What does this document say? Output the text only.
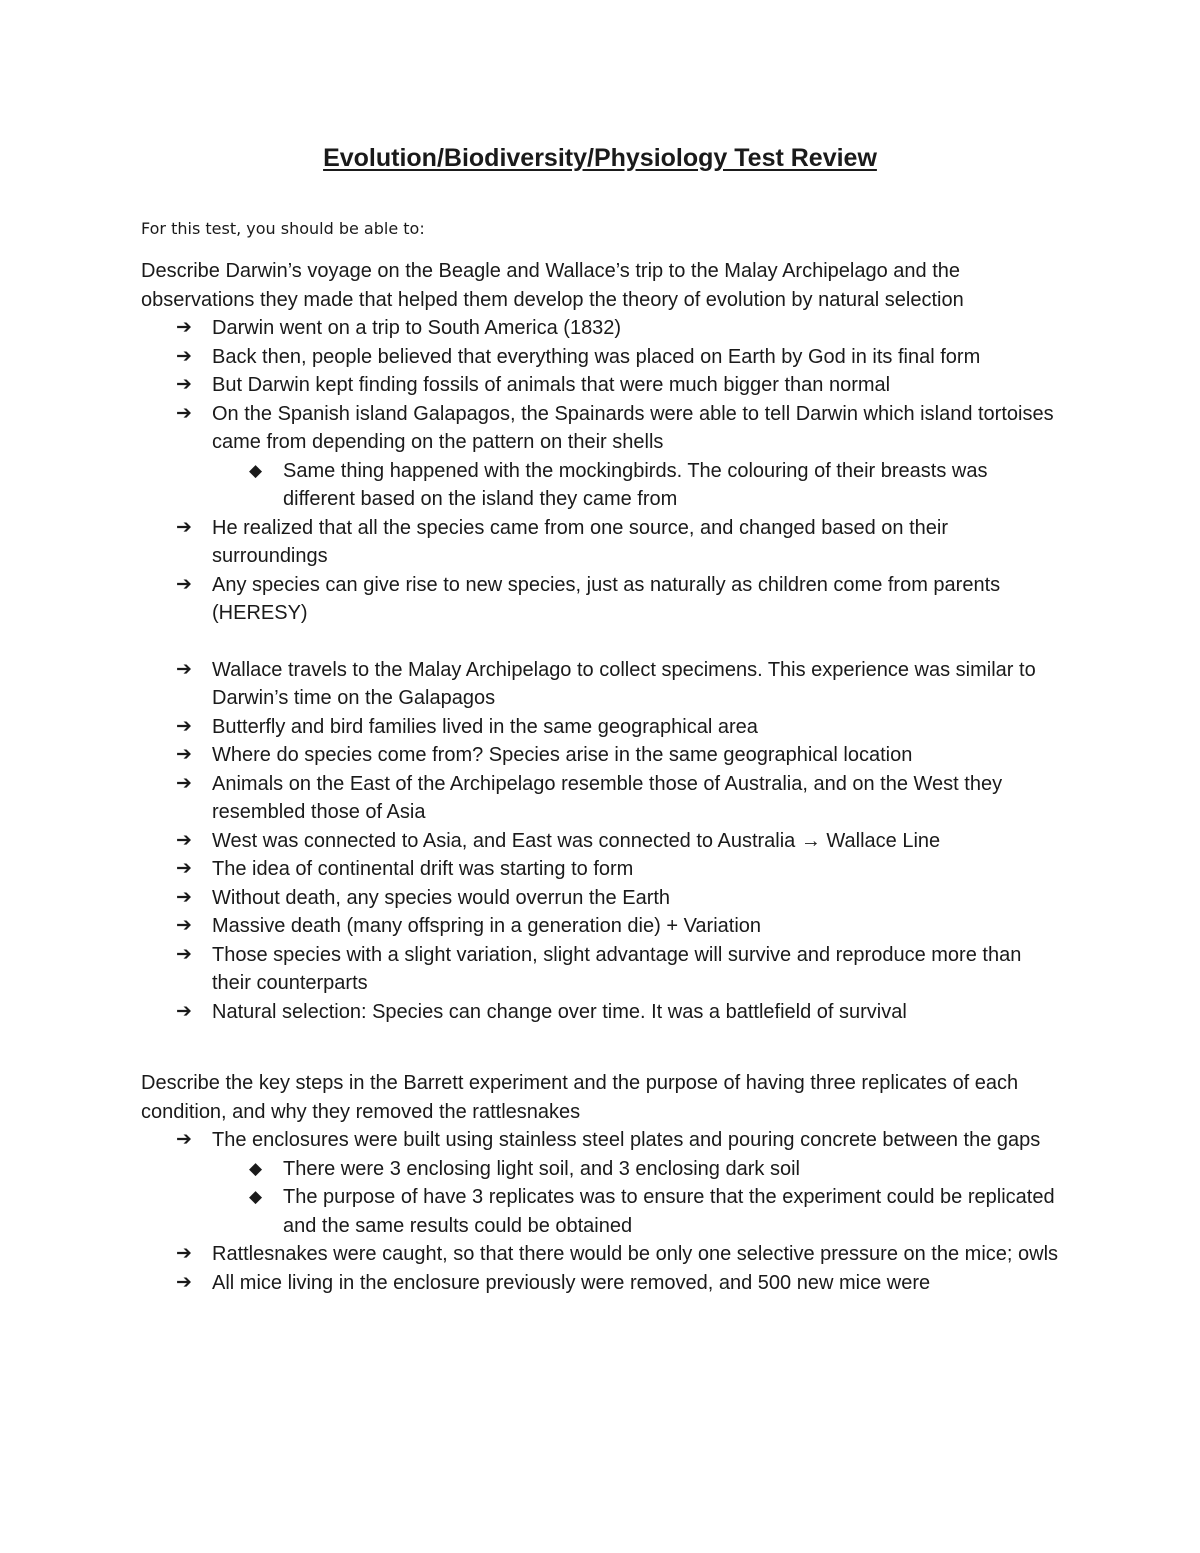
Evolution/Biodiversity/Physiology Test Review

For this test, you should be able to:

Describe Darwin’s voyage on the Beagle and Wallace’s trip to the Malay Archipelago and the observations they made that helped them develop the theory of evolution by natural selection

➔ Darwin went on a trip to South America (1832)
➔ Back then, people believed that everything was placed on Earth by God in its final form
➔ But Darwin kept finding fossils of animals that were much bigger than normal
➔ On the Spanish island Galapagos, the Spainards were able to tell Darwin which island tortoises came from depending on the pattern on their shells
◆ Same thing happened with the mockingbirds. The colouring of their breasts was different based on the island they came from
➔ He realized that all the species came from one source, and changed based on their surroundings
➔ Any species can give rise to new species, just as naturally as children come from parents (HERESY)
➔ Wallace travels to the Malay Archipelago to collect specimens. This experience was similar to Darwin’s time on the Galapagos
➔ Butterfly and bird families lived in the same geographical area
➔ Where do species come from? Species arise in the same geographical location
➔ Animals on the East of the Archipelago resemble those of Australia, and on the West they resembled those of Asia
➔ West was connected to Asia, and East was connected to Australia → Wallace Line
➔ The idea of continental drift was starting to form
➔ Without death, any species would overrun the Earth
➔ Massive death (many offspring in a generation die) + Variation
➔ Those species with a slight variation, slight advantage will survive and reproduce more than their counterparts
➔ Natural selection: Species can change over time. It was a battlefield of survival

Describe the key steps in the Barrett experiment and the purpose of having three replicates of each condition, and why they removed the rattlesnakes

➔ The enclosures were built using stainless steel plates and pouring concrete between the gaps
◆ There were 3 enclosing light soil, and 3 enclosing dark soil
◆ The purpose of have 3 replicates was to ensure that the experiment could be replicated and the same results could be obtained
➔ Rattlesnakes were caught, so that there would be only one selective pressure on the mice; owls
➔ All mice living in the enclosure previously were removed, and 500 new mice were
